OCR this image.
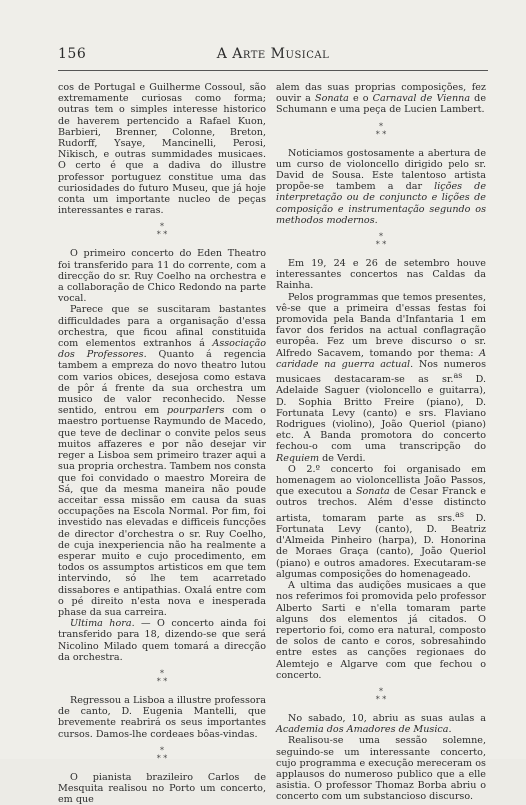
156	A Arte Musical

cos de Portugal e Guilherme Cossoul, são extremamente curiosas como forma; outras tem o simples interesse historico de haverem pertencido a Rafael Kuon, Barbieri, Brenner, Colonne, Breton, Rudorff, Ysaye, Mancinelli, Perosi, Nikisch, e outras summidades musicaes. O certo é que a dadiva do illustre professor portuguez constitue uma das curiosidades do futuro Museu, que já hoje conta um importante nucleo de peças interessantes e raras.

*
* *

O primeiro concerto do Eden Theatro foi transferido para 11 do corrente, com a direcção do sr. Ruy Coelho na orchestra e a collaboração de Chico Redondo na parte vocal.

Parece que se suscitaram bastantes difficuldades para a organisação d'essa orchestra, que ficou afinal constituida com elementos extranhos á Associação dos Professores. Quanto á regencia tambem a empreza do novo theatro lutou com varios obices, desejosa como estava de pôr á frente da sua orchestra um musico de valor reconhecido. Nesse sentido, entrou em pourparlers com o maestro portuense Raymundo de Macedo, que teve de declinar o convite pelos seus muitos affazeres e por não desejar vir reger a Lisboa sem primeiro trazer aqui a sua propria orchestra. Tambem nos consta que foi convidado o maestro Moreira de Sá, que da mesma maneira não poude acceitar essa missão em causa da suas occupações na Escola Normal. Por fim, foi investido nas elevadas e difficeis funcções de director d'orchestra o sr. Ruy Coelho, de cuja inexperiencia não ha realmente a esperar muito e cujo procedimento, em todos os assumptos artisticos em que tem intervindo, só lhe tem acarretado dissabores e antipathias. Oxalá entre com o pé direito n'esta nova e inesperada phase da sua carreira.

Ultima hora. — O concerto ainda foi transferido para 18, dizendo-se que será Nicolino Milado quem tomará a direcção da orchestra.

*
* *

Regressou a Lisboa a illustre professora de canto, D. Eugenia Mantelli, que brevemente reabrirá os seus importantes cursos. Damos-lhe cordeaes bôas-vindas.

*
* *

O pianista brazileiro Carlos de Mesquita realisou no Porto um concerto, em que

alem das suas proprias composições, fez ouvir a Sonata e o Carnaval de Vienna de Schumann e uma peça de Lucien Lambert.

*
* *

Noticiamos gostosamente a abertura de um curso de violoncello dirigido pelo sr. David de Sousa. Este talentoso artista propõe-se tambem a dar lições de interpretação ou de conjuncto e lições de composição e instrumentação segundo os methodos modernos.

*
* *

Em 19, 24 e 26 de setembro houve interessantes concertos nas Caldas da Rainha.

Pelos programmas que temos presentes, vê-se que a primeira d'essas festas foi promovida pela Banda d'Infantaria 1 em favor dos feridos na actual conflagração europêa. Fez um breve discurso o sr. Alfredo Sacavem, tomando por thema: A caridade na guerra actual. Nos numeros musicaes destacaram-se as sr.$^{as}$ D. Adelaide Saguer (violoncello e guitarra), D. Sophia Britto Freire (piano), D. Fortunata Levy (canto) e srs. Flaviano Rodrigues (violino), João Queriol (piano) etc. A Banda promotora do concerto fechou-o com uma transcripção do Requiem de Verdi.

O 2.º concerto foi organisado em homenagem ao violoncellista João Passos, que executou a Sonata de Cesar Franck e outros trechos. Além d'esse distincto artista, tomaram parte as srs.$^{as}$ D. Fortunata Levy (canto), D. Beatriz d'Almeida Pinheiro (harpa), D. Honorina de Moraes Graça (canto), João Queriol (piano) e outros amadores. Executaram-se algumas composições do homenageado.

A ultima das audições musicaes a que nos referimos foi promovida pelo professor Alberto Sarti e n'ella tomaram parte alguns dos elementos já citados. O repertorio foi, como era natural, composto de solos de canto e coros, sobresahindo entre estes as canções regionaes do Alemtejo e Algarve com que fechou o concerto.

*
* *

No sabado, 10, abriu as suas aulas a Academia dos Amadores de Musica.

Realisou-se uma sessão solemne, seguindo-se um interessante concerto, cujo programma e execução mereceram os applausos do numeroso publico que a elle asistia. O professor Thomaz Borba abriu o concerto com um substancioso discurso.
